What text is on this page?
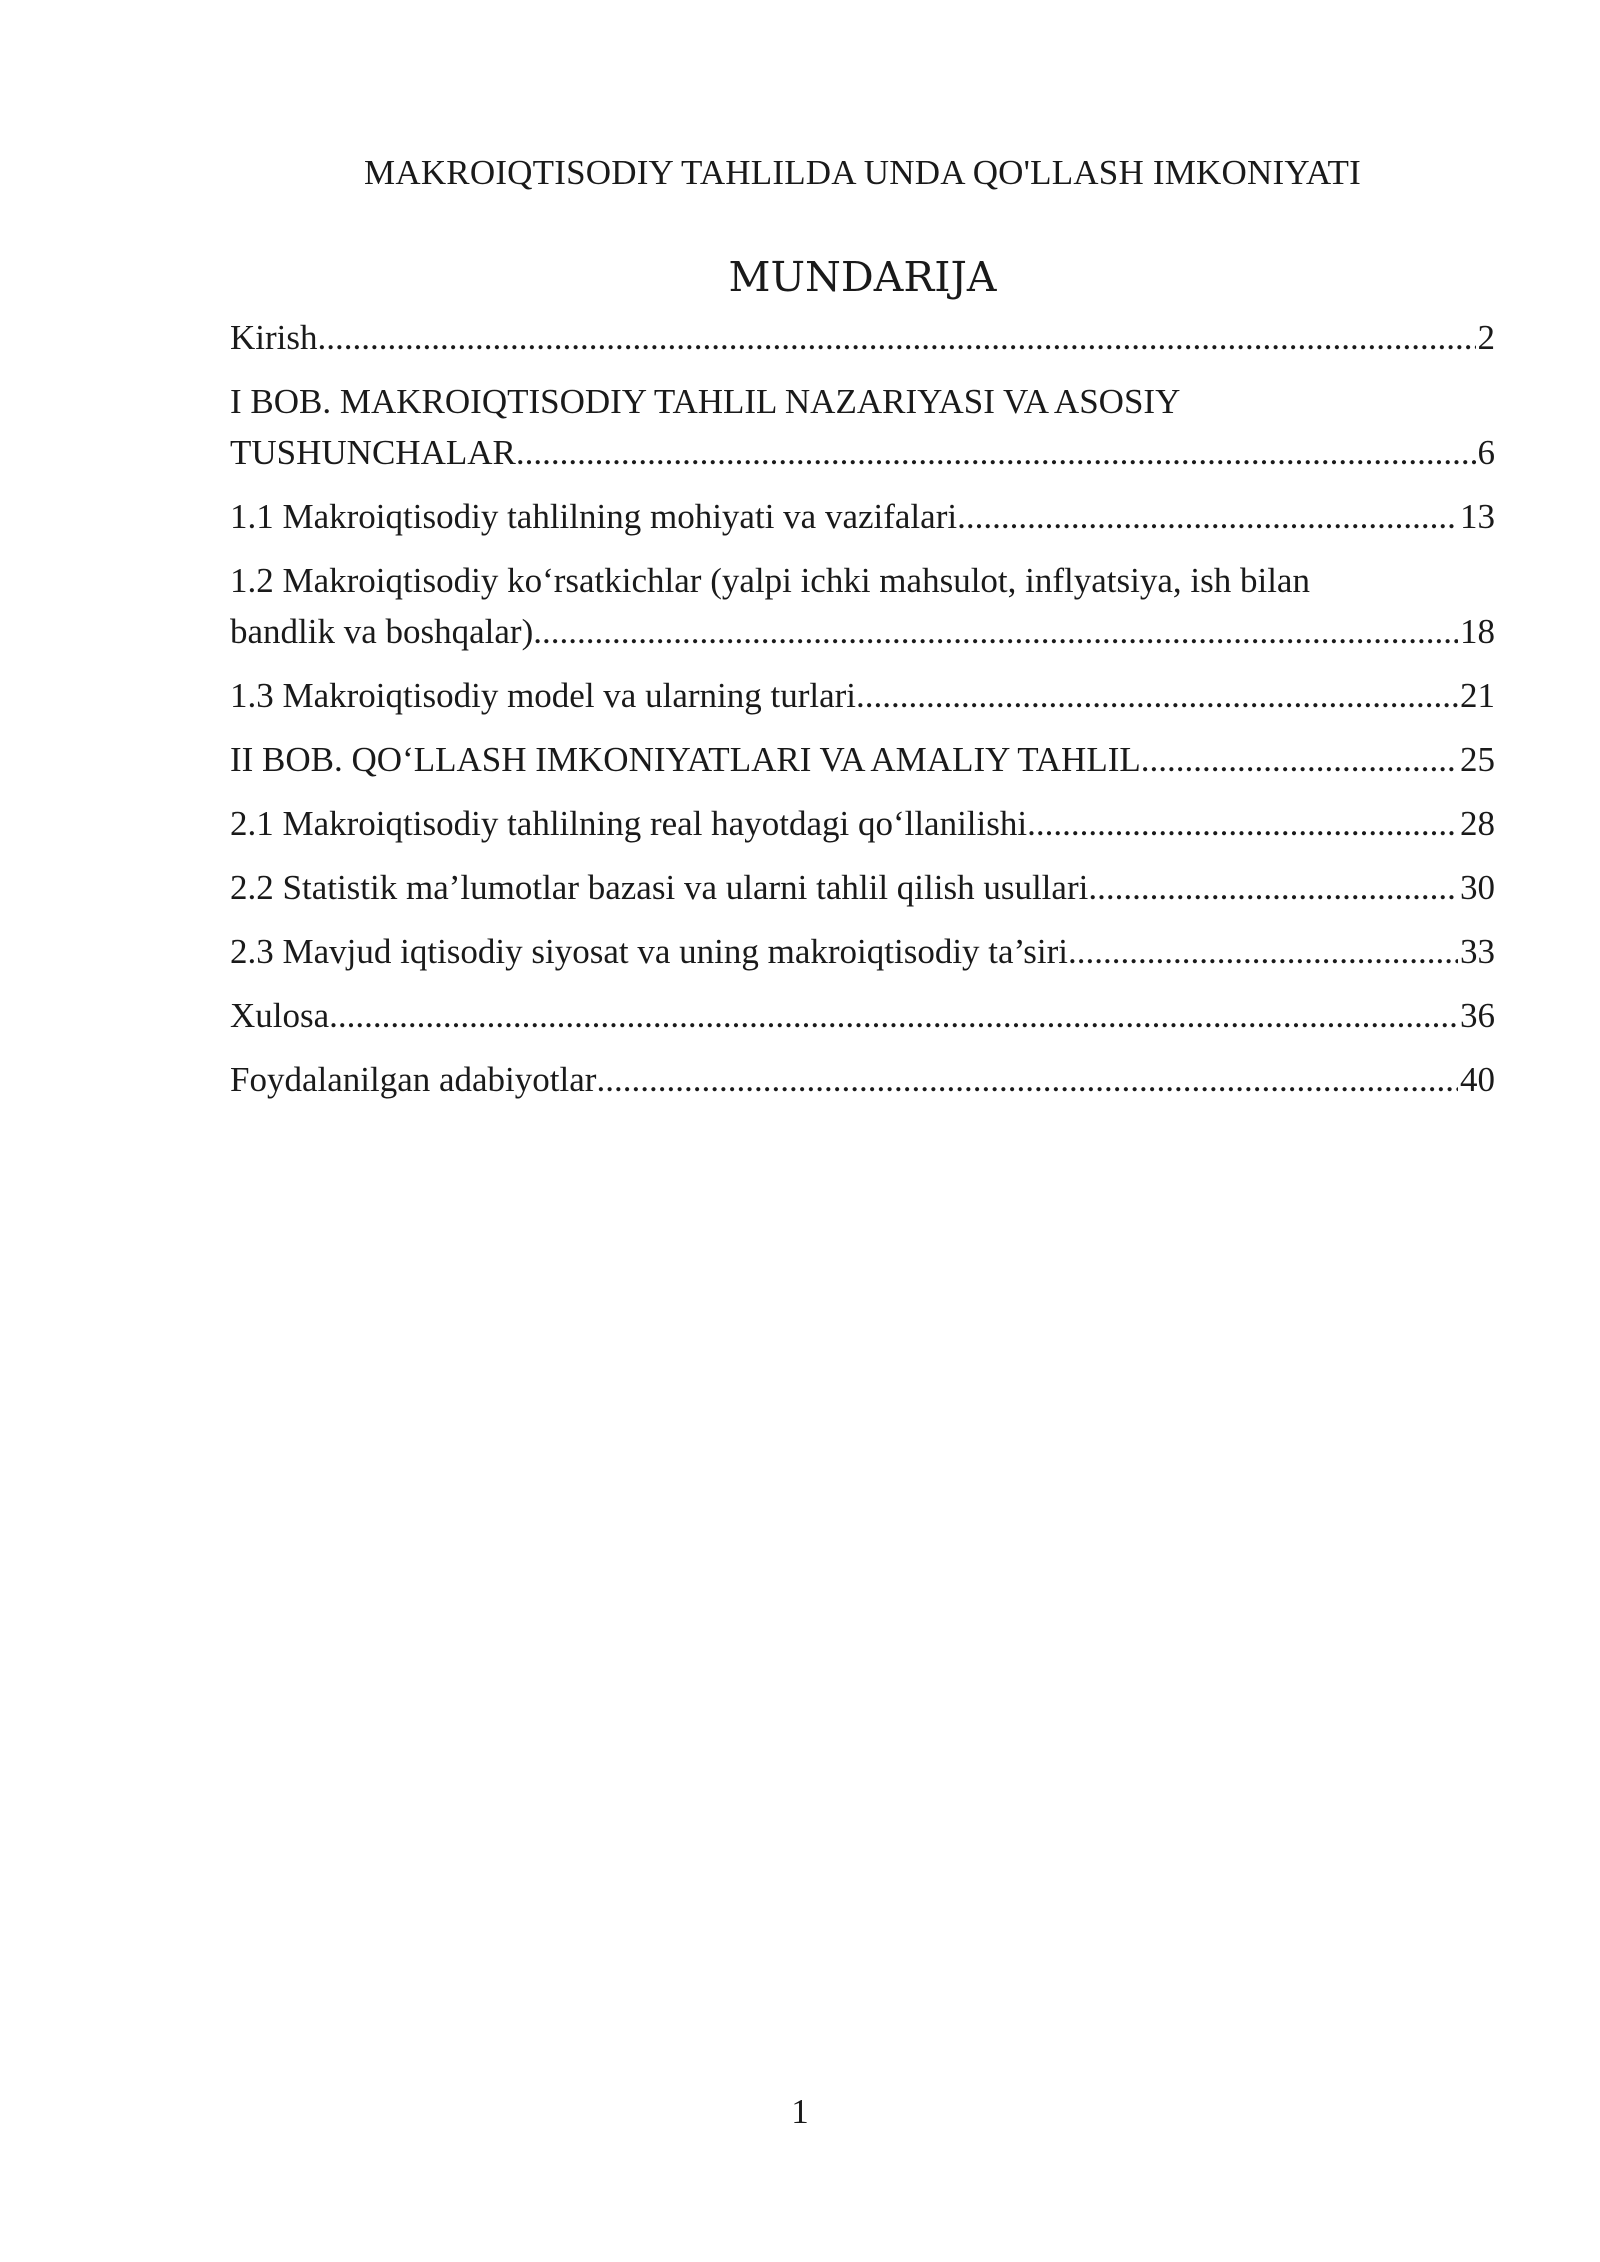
MAKROIQTISODIY TAHLILDA UNDA QO'LLASH IMKONIYATI
MUNDARIJA
Kirish .....	2
I BOB. MAKROIQTISODIY TAHLIL NAZARIYASI VA ASOSIY
TUSHUNCHALAR .....	6
1.1 Makroiqtisodiy tahlilning mohiyati va vazifalari .....	13
1.2 Makroiqtisodiy ko‘rsatkichlar (yalpi ichki mahsulot, inflyatsiya, ish bilan
bandlik va boshqalar) .....	18
1.3 Makroiqtisodiy model va ularning turlari .....	21
II BOB. QO‘LLASH IMKONIYATLARI VA AMALIY TAHLIL .....	25
2.1 Makroiqtisodiy tahlilning real hayotdagi qo‘llanilishi .....	28
2.2 Statistik ma’lumotlar bazasi va ularni tahlil qilish usullari .....	30
2.3 Mavjud iqtisodiy siyosat va uning makroiqtisodiy ta’siri .....	33
Xulosa .....	36
Foydalanilgan adabiyotlar .....	40
1
